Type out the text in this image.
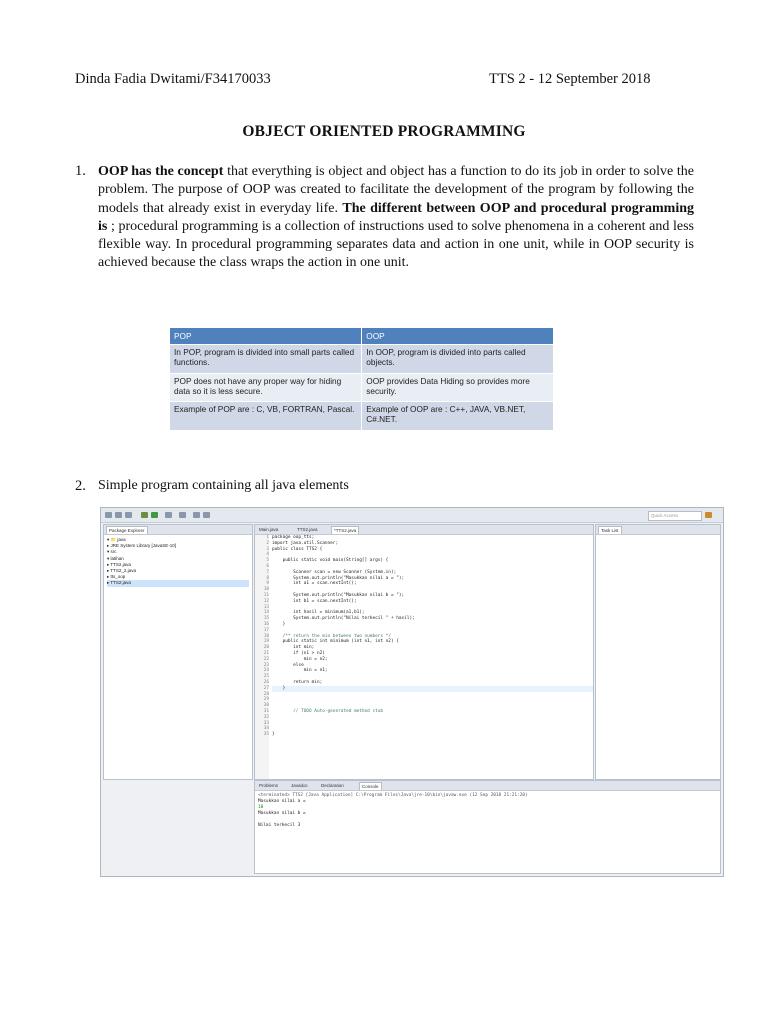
Dinda Fadia Dwitami/F34170033	TTS 2 - 12 September 2018
OBJECT ORIENTED PROGRAMMING
1. OOP has the concept that everything is object and object has a function to do its job in order to solve the problem. The purpose of OOP was created to facilitate the development of the program by following the models that already exist in everyday life. The different between OOP and procedural programming is ; procedural programming is a collection of instructions used to solve phenomena in a coherent and less flexible way. In procedural programming separates data and action in one unit, while in OOP security is achieved because the class wraps the action in one unit.
POP	OOP
In POP, program is divided into small parts called functions.	In OOP, program is divided into parts called objects.
POP does not have any proper way for hiding data so it is less secure.	OOP provides Data Hiding so provides more security.
Example of POP are : C, VB, FORTRAN, Pascal.	Example of OOP are : C++, JAVA, VB.NET, C#.NET.
2. Simple program containing all java elements
Quick Access
Package Explorer
▾ 📁 java
▸ JRE System Library [JavaSE-10]
▾ src
▾ latihan
▸ TTS2.java
▸ TTS2_2.java
▸ tts_oop
▸ TTS2.java
Main.java	TTS2.java	*TTS2.java
1
2
3
4
5
6
7
8
9
10
11
12
13
14
15
16
17
18
19
20
21
22
23
24
25
26
27
28
29
30
31
32
33
34
35
package oop_tts;
import java.util.Scanner;
public class TTS2 {
public static void main(String[] args) {
Scanner scan = new Scanner (System.in);
System.out.println("Masukkan nilai a = ");
int a1 = scan.nextInt();
System.out.println("Masukkan nilai b = ");
int b1 = scan.nextInt();
int hasil = minimum(a1,b1);
System.out.println("Nilai terkecil " + hasil);
}
/** return the min between two numbers */
public static int minimum (int n1, int n2) {
int min;
if (n1 > n2)
min = n2;
else
min = n1;
return min;
}
// TODO Auto-generated method stub
}
Task List
Problems	Javadoc	Declaration	Console
<terminated> TTS2 [Java Application] C:\Program Files\Java\jre-10\bin\javaw.exe (12 Sep 2018 21:21:20)
Masukkan nilai a =
10
Masukkan nilai b =
Nilai terkecil 3
